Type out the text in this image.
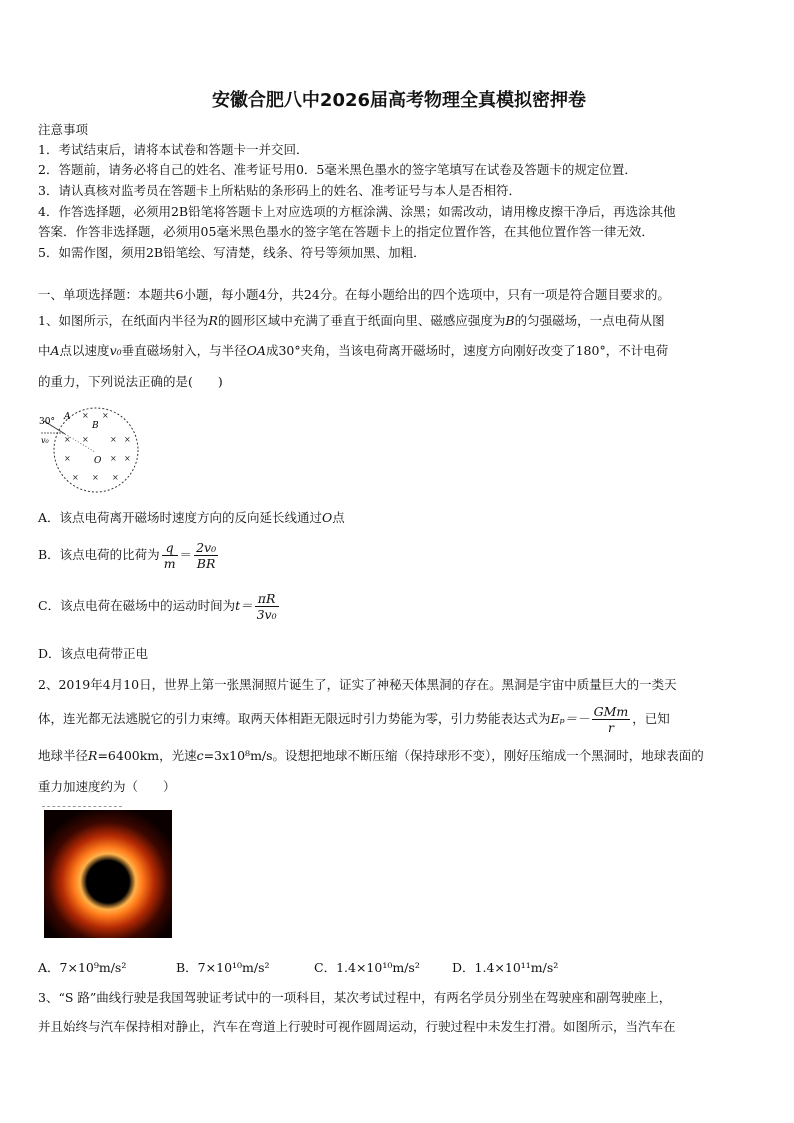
安徽合肥八中2026届高考物理全真模拟密押卷
注意事项
1．考试结束后，请将本试卷和答题卡一并交回．
2．答题前，请务必将自己的姓名、准考证号用0．5毫米黑色墨水的签字笔填写在试卷及答题卡的规定位置．
3．请认真核对监考员在答题卡上所粘贴的条形码上的姓名、准考证号与本人是否相符．
4．作答选择题，必须用2B铅笔将答题卡上对应选项的方框涂满、涂黑；如需改动，请用橡皮擦干净后，再选涂其他
答案．作答非选择题，必须用05毫米黑色墨水的签字笔在答题卡上的指定位置作答，在其他位置作答一律无效．
5．如需作图，须用2B铅笔绘、写清楚，线条、符号等须加黑、加粗．
一、单项选择题：本题共6小题，每小题4分，共24分。在每小题给出的四个选项中，只有一项是符合题目要求的。
1、如图所示，在纸面内半径为R的圆形区域中充满了垂直于纸面向里、磁感应强度为B的匀强磁场，一点电荷从图
中A点以速度v₀垂直磁场射入，与半径OA成30°夹角，当该电荷离开磁场时，速度方向刚好改变了180°，不计电荷
的重力，下列说法正确的是(　　)
30° A
v₀
B
O
× ×
× ×	× ×
×	× ×
× × ×
A．该点电荷离开磁场时速度方向的反向延长线通过O点
B．该点电荷的比荷为 $\frac{q}{m} = \frac{\text{2v₀}}{BR}$
C．该点电荷在磁场中的运动时间为$t= \frac{\pi R}{\text{3v₀}}$
D．该点电荷带正电
2、2019年4月10日，世界上第一张黑洞照片诞生了，证实了神秘天体黑洞的存在。黑洞是宇宙中质量巨大的一类天
体，连光都无法逃脱它的引力束缚。取两天体相距无限远时引力势能为零，引力势能表达式为$E_p=- \frac{\text{GMm}}{r}$ ，已知
地球半径R=6400km，光速c=3x10⁸m/s。设想把地球不断压缩（保持球形不变），刚好压缩成一个黑洞时，地球表面的
重力加速度约为（　　）
A．7×10⁹m/s²	B．7×10¹⁰m/s²	C．1.4×10¹⁰m/s²	D．1.4×10¹¹m/s²
3、“S 路”曲线行驶是我国驾驶证考试中的一项科目，某次考试过程中，有两名学员分别坐在驾驶座和副驾驶座上，
并且始终与汽车保持相对静止，汽车在弯道上行驶时可视作圆周运动，行驶过程中未发生打滑。如图所示，当汽车在
